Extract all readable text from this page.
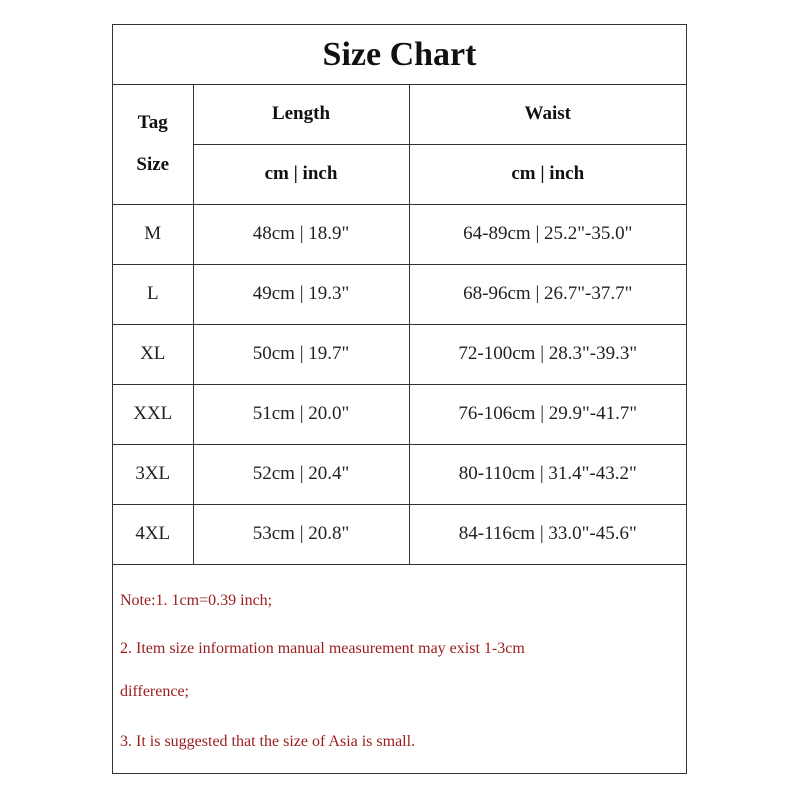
Size Chart
Tag
Size	Length	Waist
	cm | inch	cm | inch
M	48cm | 18.9"	64-89cm | 25.2"-35.0"
L	49cm | 19.3"	68-96cm | 26.7"-37.7"
XL	50cm | 19.7"	72-100cm | 28.3"-39.3"
XXL	51cm | 20.0"	76-106cm | 29.9"-41.7"
3XL	52cm | 20.4"	80-110cm | 31.4"-43.2"
4XL	53cm | 20.8"	84-116cm | 33.0"-45.6"
Note:1. 1cm=0.39 inch;
2. Item size information manual measurement may exist 1-3cm
difference;
3. It is suggested that the size of Asia is small.
